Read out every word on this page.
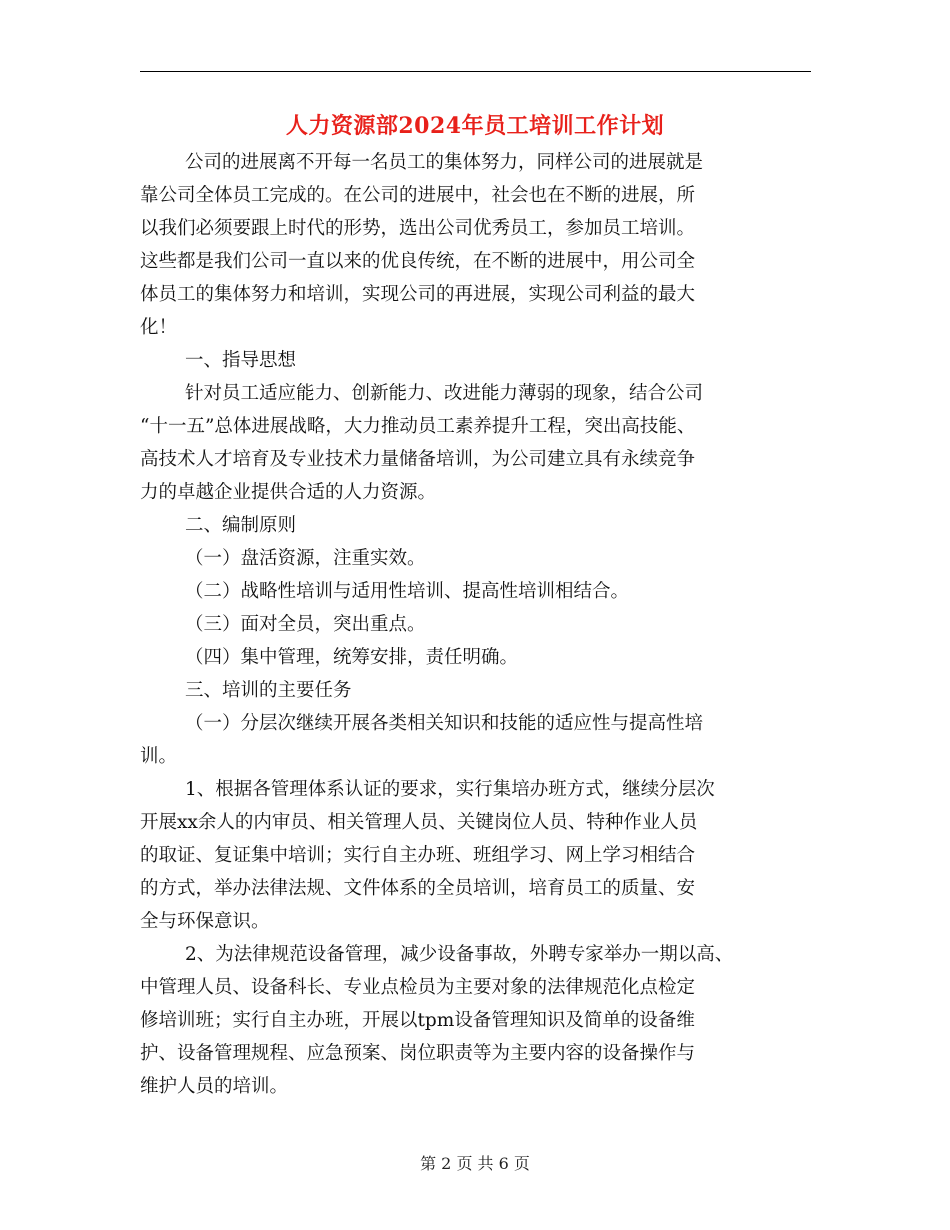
人力资源部2024年员工培训工作计划
公司的进展离不开每一名员工的集体努力，同样公司的进展就是
靠公司全体员工完成的。在公司的进展中，社会也在不断的进展，所
以我们必须要跟上时代的形势，选出公司优秀员工，参加员工培训。
这些都是我们公司一直以来的优良传统，在不断的进展中，用公司全
体员工的集体努力和培训，实现公司的再进展，实现公司利益的最大
化！
一、指导思想
针对员工适应能力、创新能力、改进能力薄弱的现象，结合公司
“十一五”总体进展战略，大力推动员工素养提升工程，突出高技能、
高技术人才培育及专业技术力量储备培训，为公司建立具有永续竞争
力的卓越企业提供合适的人力资源。
二、编制原则
（一）盘活资源，注重实效。
（二）战略性培训与适用性培训、提高性培训相结合。
（三）面对全员，突出重点。
（四）集中管理，统筹安排，责任明确。
三、培训的主要任务
（一）分层次继续开展各类相关知识和技能的适应性与提高性培
训。
1、根据各管理体系认证的要求，实行集培办班方式，继续分层次
开展xx余人的内审员、相关管理人员、关键岗位人员、特种作业人员
的取证、复证集中培训；实行自主办班、班组学习、网上学习相结合
的方式，举办法律法规、文件体系的全员培训，培育员工的质量、安
全与环保意识。
2、为法律规范设备管理，减少设备事故，外聘专家举办一期以高、
中管理人员、设备科长、专业点检员为主要对象的法律规范化点检定
修培训班；实行自主办班，开展以tpm设备管理知识及简单的设备维
护、设备管理规程、应急预案、岗位职责等为主要内容的设备操作与
维护人员的培训。
第 2 页 共 6 页
